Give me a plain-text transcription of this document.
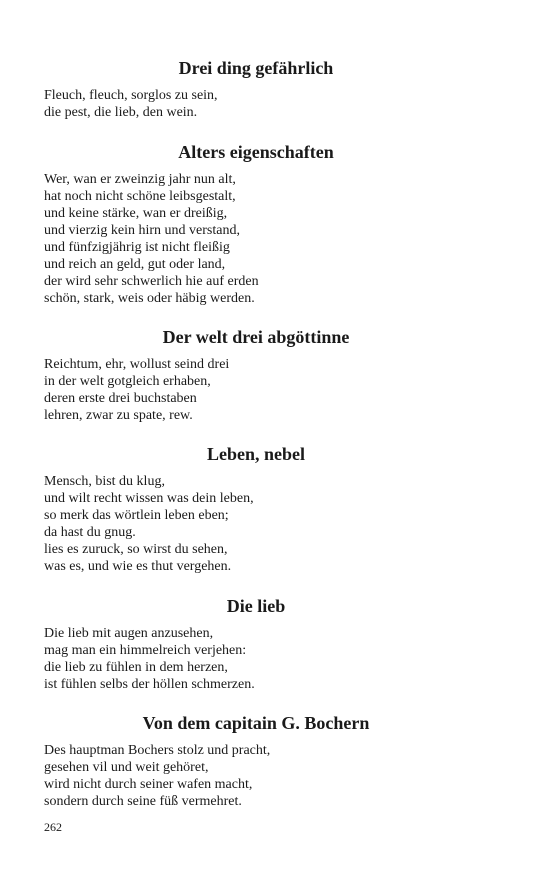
Drei ding gefährlich
Fleuch, fleuch, sorglos zu sein,
die pest, die lieb, den wein.
Alters eigenschaften
Wer, wan er zweinzig jahr nun alt,
hat noch nicht schöne leibsgestalt,
und keine stärke, wan er dreißig,
und vierzig kein hirn und verstand,
und fünfzigjährig ist nicht fleißig
und reich an geld, gut oder land,
der wird sehr schwerlich hie auf erden
schön, stark, weis oder häbig werden.
Der welt drei abgöttinne
Reichtum, ehr, wollust seind drei
in der welt gotgleich erhaben,
deren erste drei buchstaben
lehren, zwar zu spate, rew.
Leben, nebel
Mensch, bist du klug,
und wilt recht wissen was dein leben,
so merk das wörtlein leben eben;
da hast du gnug.
lies es zuruck, so wirst du sehen,
was es, und wie es thut vergehen.
Die lieb
Die lieb mit augen anzusehen,
mag man ein himmelreich verjehen:
die lieb zu fühlen in dem herzen,
ist fühlen selbs der höllen schmerzen.
Von dem capitain G. Bochern
Des hauptman Bochers stolz und pracht,
gesehen vil und weit gehöret,
wird nicht durch seiner wafen macht,
sondern durch seine füß vermehret.
262
